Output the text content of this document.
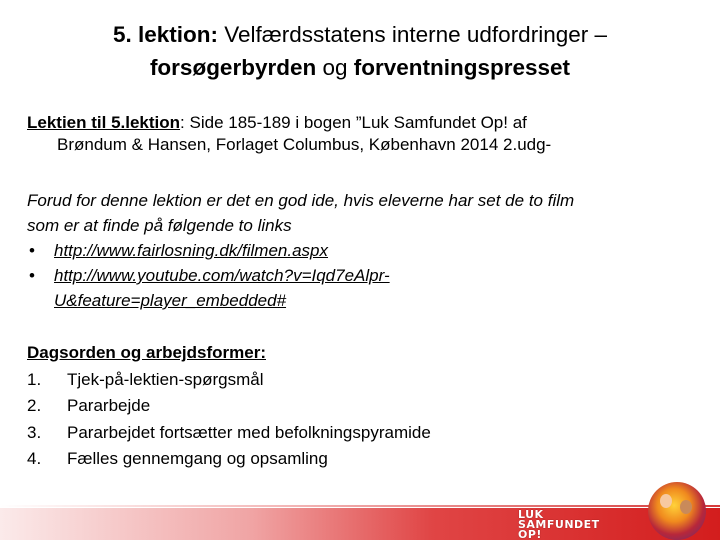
5. lektion: Velfærdsstatens interne udfordringer –
forsøgerbyrden og forventningspresset
Lektien til 5.lektion: Side 185-189 i bogen ”Luk Samfundet Op! af
Brøndum & Hansen, Forlaget Columbus, København 2014 2.udg-
Forud for denne lektion er det en god ide, hvis eleverne har set de to film
som er at finde på følgende to links
• http://www.fairlosning.dk/filmen.aspx
• http://www.youtube.com/watch?v=Iqd7eAlpr-
U&feature=player_embedded#
Dagsorden og arbejdsformer:
1. Tjek-på-lektien-spørgsmål
2. Pararbejde
3. Pararbejdet fortsætter med befolkningspyramide
4. Fælles gennemgang og opsamling
LUK
SAMFUNDET
OP!
